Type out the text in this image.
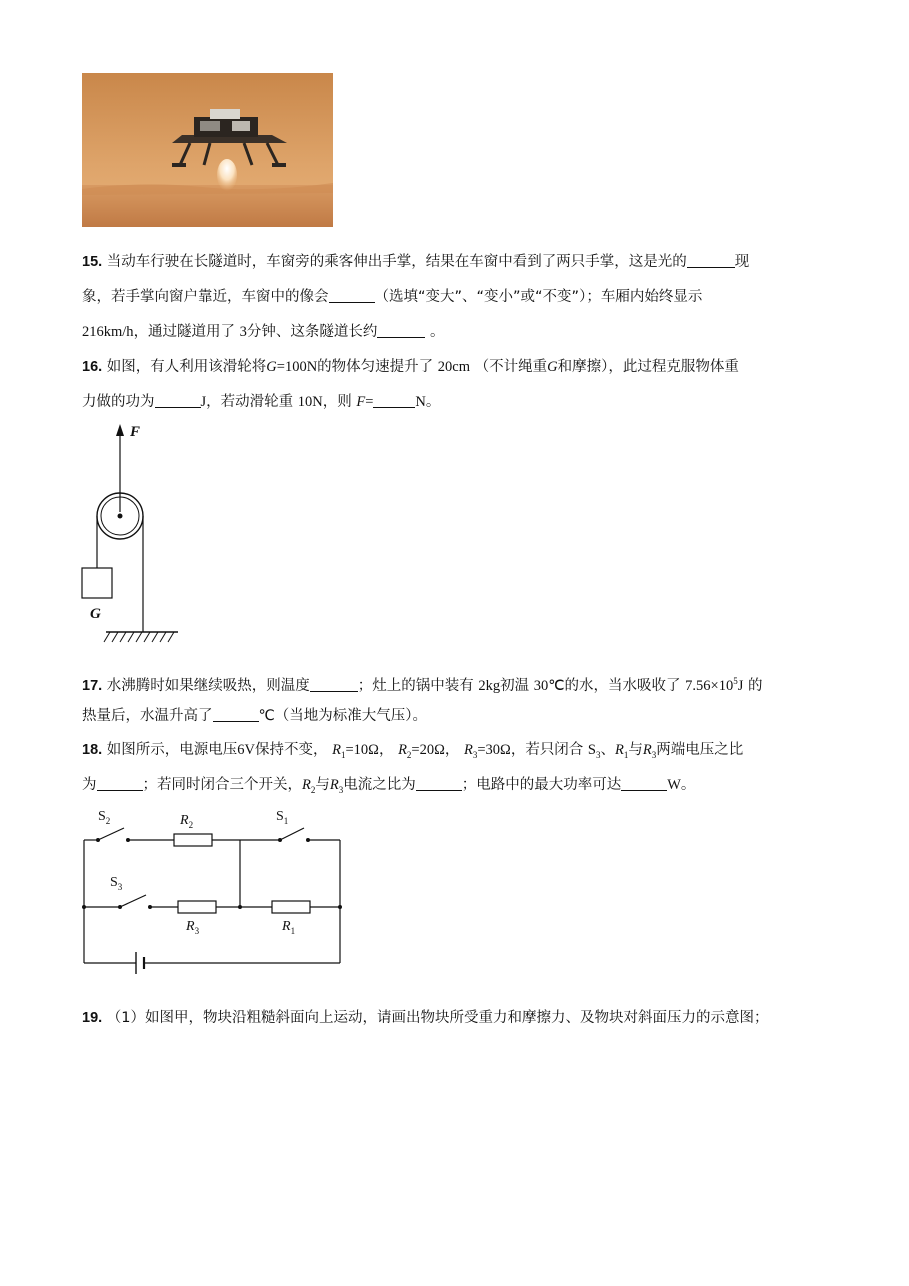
15. 当动车行驶在长隧道时，车窗旁的乘客伸出手掌，结果在车窗中看到了两只手掌，这是光的	现
象，若手掌向窗户靠近，车窗中的像会	（选填“变大”、“变小”或“不变”）；车厢内始终显示
216km/h，通过隧道用了 3分钟、这条隧道长约	。
16. 如图，有人利用该滑轮将G=100N的物体匀速提升了 20cm （不计绳重G和摩擦），此过程克服物体重
力做的功为	J，若动滑轮重 10N，则 F=	N。
F
G
17. 水沸腾时如果继续吸热，则温度	；灶上的锅中装有 2kg初温 30℃的水，当水吸收了 $7.56\times 10^5J$ 的
热量后，水温升高了	℃（当地为标准大气压）。
18. 如图所示，电源电压6V保持不变， $R_1=10\Omega$， $R_2=20\Omega$， $R_3=30\Omega$，若只闭合 $S_3$、$R_1$与$R_3$两端电压之比
为	；若同时闭合三个开关，$R_2$与$R_3$电流之比为	；电路中的最大功率可达	W。
$S_2$	$R_2$
$S_1$
$S_3$
$R_3$	$R_1$
19. （1）如图甲，物块沿粗糙斜面向上运动，请画出物块所受重力和摩擦力、及物块对斜面压力的示意图；
